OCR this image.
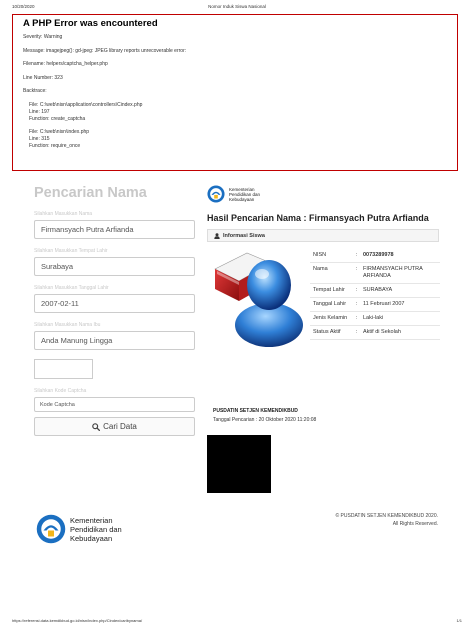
10/20/2020	Nomor Induk Siswa Nasional
A PHP Error was encountered
Severity: Warning
Message: imagejpeg(): gd-jpeg: JPEG library reports unrecoverable error:
Filename: helpers/captcha_helper.php
Line Number: 323
Backtrace:
File: C:\web\nisn\application\controllers\Cindex.php
Line: 197
Function: create_captcha
File: C:\web\nisn\index.php
Line: 315
Function: require_once
Pencarian Nama
Silahkan Masukkan Nama
Firmansyach Putra Arfianda
Silahkan Masukkan Tempat Lahir
Surabaya
Silahkan Masukkan Tanggal Lahir
2007-02-11
Silahkan Masukkan Nama Ibu
Anda Manung Lingga
Silahkan Kode Captcha
Kode Captcha
Cari Data
Kementerian
Pendidikan dan
Kebudayaan
Hasil Pencarian Nama : Firmansyach Putra Arfianda
Informasi Siswa
NISN	:	0073289978
Nama	:	FIRMANSYACH PUTRA ARFIANDA
Tempat Lahir	:	SURABAYA
Tanggal Lahir	:	11 Februari 2007
Jenis Kelamin	:	Laki-laki
Status Aktif	:	Aktif di Sekolah
PUSDATIN SETJEN KEMENDIKBUD
Tanggal Pencarian : 20 Oktober 2020 11:20:08
Kementerian
Pendidikan dan
Kebudayaan
© PUSDATIN SETJEN KEMENDIKBUD 2020.
All Rights Reserved.
https://referensi.data.kemdikbud.go.id/nisn/index.php/Cindex/caribynama/	1/1
